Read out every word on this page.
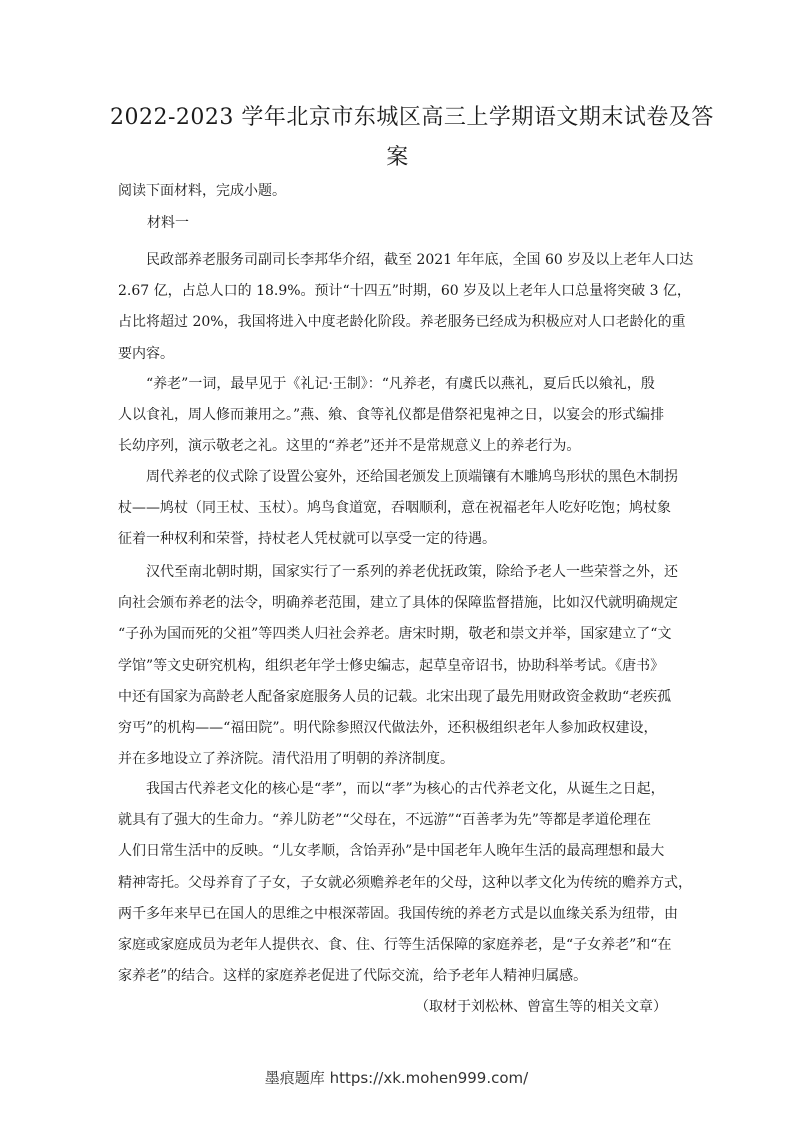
2022-2023 学年北京市东城区高三上学期语文期末试卷及答
案
阅读下面材料，完成小题。
材料一
　　民政部养老服务司副司长李邦华介绍，截至 2021 年年底，全国 60 岁及以上老年人口达
2.67 亿，占总人口的 18.9%。预计“十四五”时期，60 岁及以上老年人口总量将突破 3 亿，
占比将超过 20%，我国将进入中度老龄化阶段。养老服务已经成为积极应对人口老龄化的重
要内容。
　　“养老”一词，最早见于《礼记·王制》：“凡养老，有虞氏以燕礼，夏后氏以飨礼，殷
人以食礼，周人修而兼用之。”燕、飨、食等礼仪都是借祭祀鬼神之日，以宴会的形式编排
长幼序列，演示敬老之礼。这里的“养老”还并不是常规意义上的养老行为。
　　周代养老的仪式除了设置公宴外，还给国老颁发上顶端镶有木雕鸠鸟形状的黑色木制拐
杖——鸠杖（同王杖、玉杖）。鸠鸟食道宽，吞咽顺利，意在祝福老年人吃好吃饱；鸠杖象
征着一种权利和荣誉，持杖老人凭杖就可以享受一定的待遇。
　　汉代至南北朝时期，国家实行了一系列的养老优抚政策，除给予老人一些荣誉之外，还
向社会颁布养老的法令，明确养老范围，建立了具体的保障监督措施，比如汉代就明确规定
“子孙为国而死的父祖”等四类人归社会养老。唐宋时期，敬老和崇文并举，国家建立了“文
学馆”等文史研究机构，组织老年学士修史编志，起草皇帝诏书，协助科举考试。《唐书》
中还有国家为高龄老人配备家庭服务人员的记载。北宋出现了最先用财政资金救助“老疾孤
穷丐”的机构——“福田院”。明代除参照汉代做法外，还积极组织老年人参加政权建设，
并在多地设立了养济院。清代沿用了明朝的养济制度。
　　我国古代养老文化的核心是“孝”，而以“孝”为核心的古代养老文化，从诞生之日起，
就具有了强大的生命力。“养儿防老”“父母在，不远游”“百善孝为先”等都是孝道伦理在
人们日常生活中的反映。“儿女孝顺，含饴弄孙”是中国老年人晚年生活的最高理想和最大
精神寄托。父母养育了子女，子女就必须赡养老年的父母，这种以孝文化为传统的赡养方式，
两千多年来早已在国人的思维之中根深蒂固。我国传统的养老方式是以血缘关系为纽带，由
家庭或家庭成员为老年人提供衣、食、住、行等生活保障的家庭养老，是“子女养老”和“在
家养老”的结合。这样的家庭养老促进了代际交流，给予老年人精神归属感。
（取材于刘松林、曾富生等的相关文章）
墨痕题库 https://xk.mohen999.com/
